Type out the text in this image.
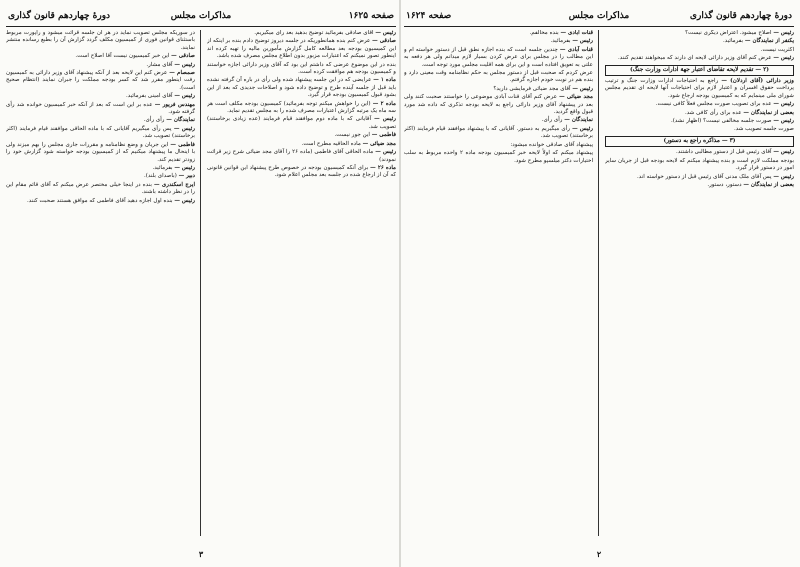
دورهٔ چهاردهم قانون گذاری	مذاکرات مجلس	صفحه ۱۶۲۵

رئیس — آقای صادقی بفرمائید توضیح بدهید بعد رأی میگیریم.

صادقی — عرض کنم بنده همانطوریکه در جلسه دیروز توضیح دادم بنده بر اینکه از این کمیسیون بودجه بعد مطالعه کامل گزارش مأمورین مالیه را تهیه کرده اند اینطور تصور نمیکنم که اعتبارات مزبور بدون اطلاع مجلس مصرف شده باشد.

بنده در این موضوع عرضی که داشتم این بود که آقای وزیر دارائی اجازه خواستند و کمیسیون بودجه هم موافقت کرده است.

ماده ۱ — عرایضی که در این جلسه پیشنهاد شده ولی رأی در باره آن گرفته نشده باید قبل از جلسه آینده طرح و توضیح داده شود و اصلاحات جدیدی که بعد از این بشود قبول کمیسیون بودجه قرار گیرد.

ماده ۲ — (این را خواهش میکنم توجه بفرمائید) کمیسیون بودجه مکلف است هر سه ماه یک مرتبه گزارش اعتبارات مصرف شده را به مجلس تقدیم نماید.

رئیس — آقایانی که با ماده دوم موافقند قیام فرمایند (عده زیادی برخاستند) تصویب شد.

فاطمی — این جور نیست.

مجد ضیائی — ماده الحاقیه مطرح است.

رئیس — ماده الحاقی آقای فاطمی (ماده ۲۶ را آقای مجد ضیائی شرح زیر قرائت نمودند)

ماده ۲۶ — برای آنکه کمیسیون بودجه در خصوص طرح پیشنهاد این قوانین قانونی که آن از ارجاع شده در جلسه بعد مجلس اعلام شود.

در سوریکه مجلس تصویب نماید در هر آن جلسه قرائت میشود و راپورت مربوط باستثنای قوانین فوری از کمیسیون مکلف گردد گزارش آن را بطبع رسانده منتشر نمایند.

صادقی — این خبر کمیسیون نیست آقا اصلاح است.

رئیس — آقای مشار.

صمصام — عرض کنم این لایحه بعد از آنکه پیشنهاد آقای وزیر دارائی به کمیسیون رفت اینطور مقرر شد که کسر بودجه مملکت را جبران نمایند (انتظام صحیح است).

رئیس — آقای امینی بفرمائید.

مهندس فریور — عده بر این است که بعد از آنکه خبر کمیسیون خوانده شد رأی گرفته شود.

نمایندگان — رأی رأی.

رئیس — پس رأی میگیریم آقایانی که با ماده الحاقی موافقند قیام فرمایند (اکثر برخاستند) تصویب شد.

فاطمی — این جریان و وضع نظامنامه و مقررات جاری مجلس را بهم میزند ولی با اینحال ما پیشنهاد میکنیم که از کمیسیون بودجه خواسته شود گزارش خود را زودتر تقدیم کند.

رئیس — بفرمائید.

دبیر — (باصدای بلند).

ایرج اسکندری — بنده در اینجا خیلی مختصر عرض میکنم که آقای قائم مقام این را در نظر داشته باشند.

رئیس — بنده اول اجازه دهید آقای فاطمی که موافق هستند صحبت کنند.

۳
دورهٔ چهاردهم قانون گذاری
مذاکرات مجلس
صفحه ۱۶۲۴

رئیس — اصلاح میشود. اعتراض دیگری نیست؟

یکنفر از نمایندگان — بفرمائید.

اکثریت نیست.

رئیس — عرض کنم آقای وزیر دارائی لایحه ای دارند که میخواهند تقدیم کنند.

(۲ — تقدیم لایحه تقاضای اعتبار جهة ادارات وزارت جنگ)

وزیر دارائی (آقای اردلان) — راجع به احتیاجات ادارات وزارت جنگ و ترتیب پرداخت حقوق افسران و اعتبار لازم برای احتیاجات آنها لایحه ای تقدیم مجلس شورای ملی مینمایم که به کمیسیون بودجه ارجاع شود.

رئیس — عده برای تصویب صورت مجلس فعلاً کافی نیست.

بعضی از نمایندگان — عده برای رأی کافی شد.

رئیس — صورت جلسه مخالفی نیست؟ (اظهار نشد).

صورت جلسه تصویب شد.

(۳ — مذاکره راجع به دستور)

رئیس — آقای رئیس قبل از دستور مطالبی داشتند.

بودجه مملکت لازم است و بنده پیشنهاد میکنم که لایحه بودجه قبل از جریان سایر امور در دستور قرار گیرد.

رئیس — پس آقای ملک مدنی آقای رئیس قبل از دستور خواسته اند.

بعضی از نمایندگان — دستور، دستور.

قنات آبادی — بنده مخالفم.

رئیس — بفرمائید.

قنات آبادی — چندین جلسه است که بنده اجازه نطق قبل از دستور خواسته ام و این مطالب را در مجلس برای عرض کردن بسیار لازم میدانم ولی هر دفعه به علتی به تعویق افتاده است و این برای همه اقلیت مجلس مورد توجه است.

عرض کردم که صحبت قبل از دستور مجلس به حکم نظامنامه وقت معینی دارد و بنده هم در نوبت خودم اجازه گرفتم.

رئیس — آقای مجد ضیائی فرمایشی دارید؟

مجد ضیائی — عرض کنم آقای قنات آبادی موضوعی را خواستند صحبت کنند ولی بعد در پیشنهاد آقای وزیر دارائی راجع به لایحه بودجه تذکری که داده شد مورد قبول واقع گردید.

نمایندگان — رأی رأی.

رئیس — رأی میگیریم به دستور. آقایانی که با پیشنهاد موافقند قیام فرمایند (اکثر برخاستند) تصویب شد.

پیشنهاد آقای صادقی خوانده میشود:

پیشنهاد میکنم که اولاً لایحه خبر کمیسیون بودجه ماده ۲ واحده مربوط به سلب اختیارات دکتر میلسپو مطرح شود.

۲
